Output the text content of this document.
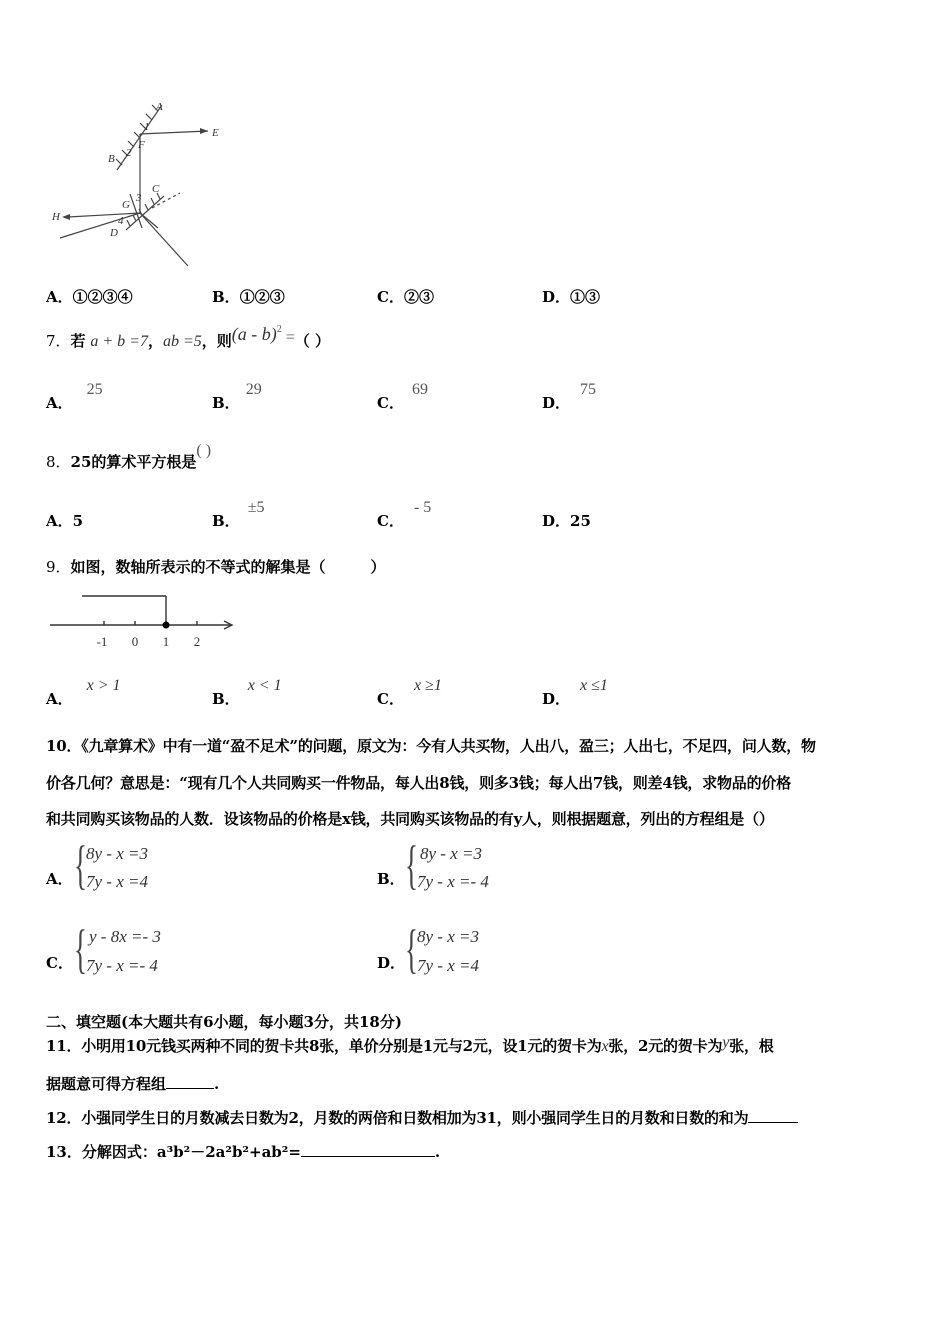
A
E
B
F
1
2
G
C
3
4
H
D
A．①②③④	B．①②③	C．②③	D．①③
7．若 a + b =7，ab =5，则(a - b)$^2$ =（ ）
A．25
B．29
C．69
D．75
8．25的算术平方根是( )
A．5	B．±5
C．- 5
D．25
9．如图，数轴所表示的不等式的解集是（　　　）
-1 0 1 2
A．x > 1
B．x < 1
C．x ≥1
D．x ≤1
10．《九章算术》中有一道“盈不足术”的问题，原文为：今有人共买物，人出八，盈三；人出七，不足四，问人数，物
价各几何？意思是：“现有几个人共同购买一件物品，每人出8钱，则多3钱；每人出7钱，则差4钱，求物品的价格
和共同购买该物品的人数．设该物品的价格是x钱，共同购买该物品的有y人，则根据题意，列出的方程组是（）
A． { 8y - x =3
7y - x =4	B． { 8y - x =3
7y - x =- 4
C． { y - 8x =- 3
7y - x =- 4	D． { 8y - x =3
7y - x =4
二、填空题(本大题共有6小题，每小题3分，共18分)
11．小明用10元钱买两种不同的贺卡共8张，单价分别是1元与2元，设1元的贺卡为x张，2元的贺卡为y张，根
据题意可得方程组	.
12．小强同学生日的月数减去日数为2，月数的两倍和日数相加为31，则小强同学生日的月数和日数的和为
13．分解因式：a³b²－2a²b²+ab²=	.
